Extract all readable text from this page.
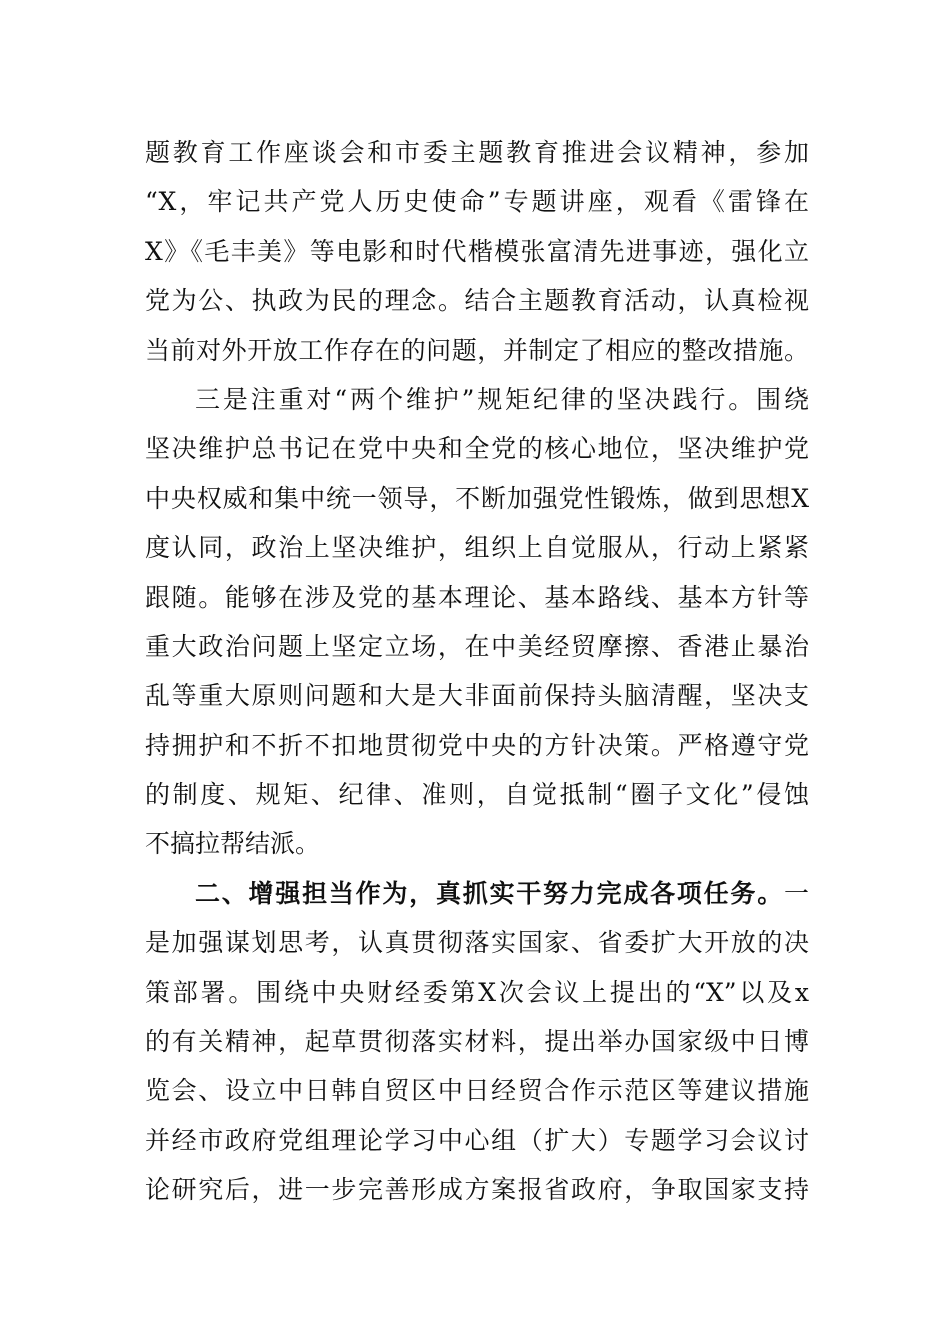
题教育工作座谈会和市委主题教育推进会议精神，参加
“X，牢记共产党人历史使命”专题讲座，观看《雷锋在
X》《毛丰美》等电影和时代楷模张富清先进事迹，强化立
党为公、执政为民的理念。结合主题教育活动，认真检视
当前对外开放工作存在的问题，并制定了相应的整改措施。
三是注重对“两个维护”规矩纪律的坚决践行。围绕
坚决维护总书记在党中央和全党的核心地位，坚决维护党
中央权威和集中统一领导，不断加强党性锻炼，做到思想X
度认同，政治上坚决维护，组织上自觉服从，行动上紧紧
跟随。能够在涉及党的基本理论、基本路线、基本方针等
重大政治问题上坚定立场，在中美经贸摩擦、香港止暴治
乱等重大原则问题和大是大非面前保持头脑清醒，坚决支
持拥护和不折不扣地贯彻党中央的方针决策。严格遵守党
的制度、规矩、纪律、准则，自觉抵制“圈子文化”侵蚀
不搞拉帮结派。
二、增强担当作为，真抓实干努力完成各项任务。一
是加强谋划思考，认真贯彻落实国家、省委扩大开放的决
策部署。围绕中央财经委第X次会议上提出的“X”以及x
的有关精神，起草贯彻落实材料，提出举办国家级中日博
览会、设立中日韩自贸区中日经贸合作示范区等建议措施
并经市政府党组理论学习中心组（扩大）专题学习会议讨
论研究后，进一步完善形成方案报省政府，争取国家支持
